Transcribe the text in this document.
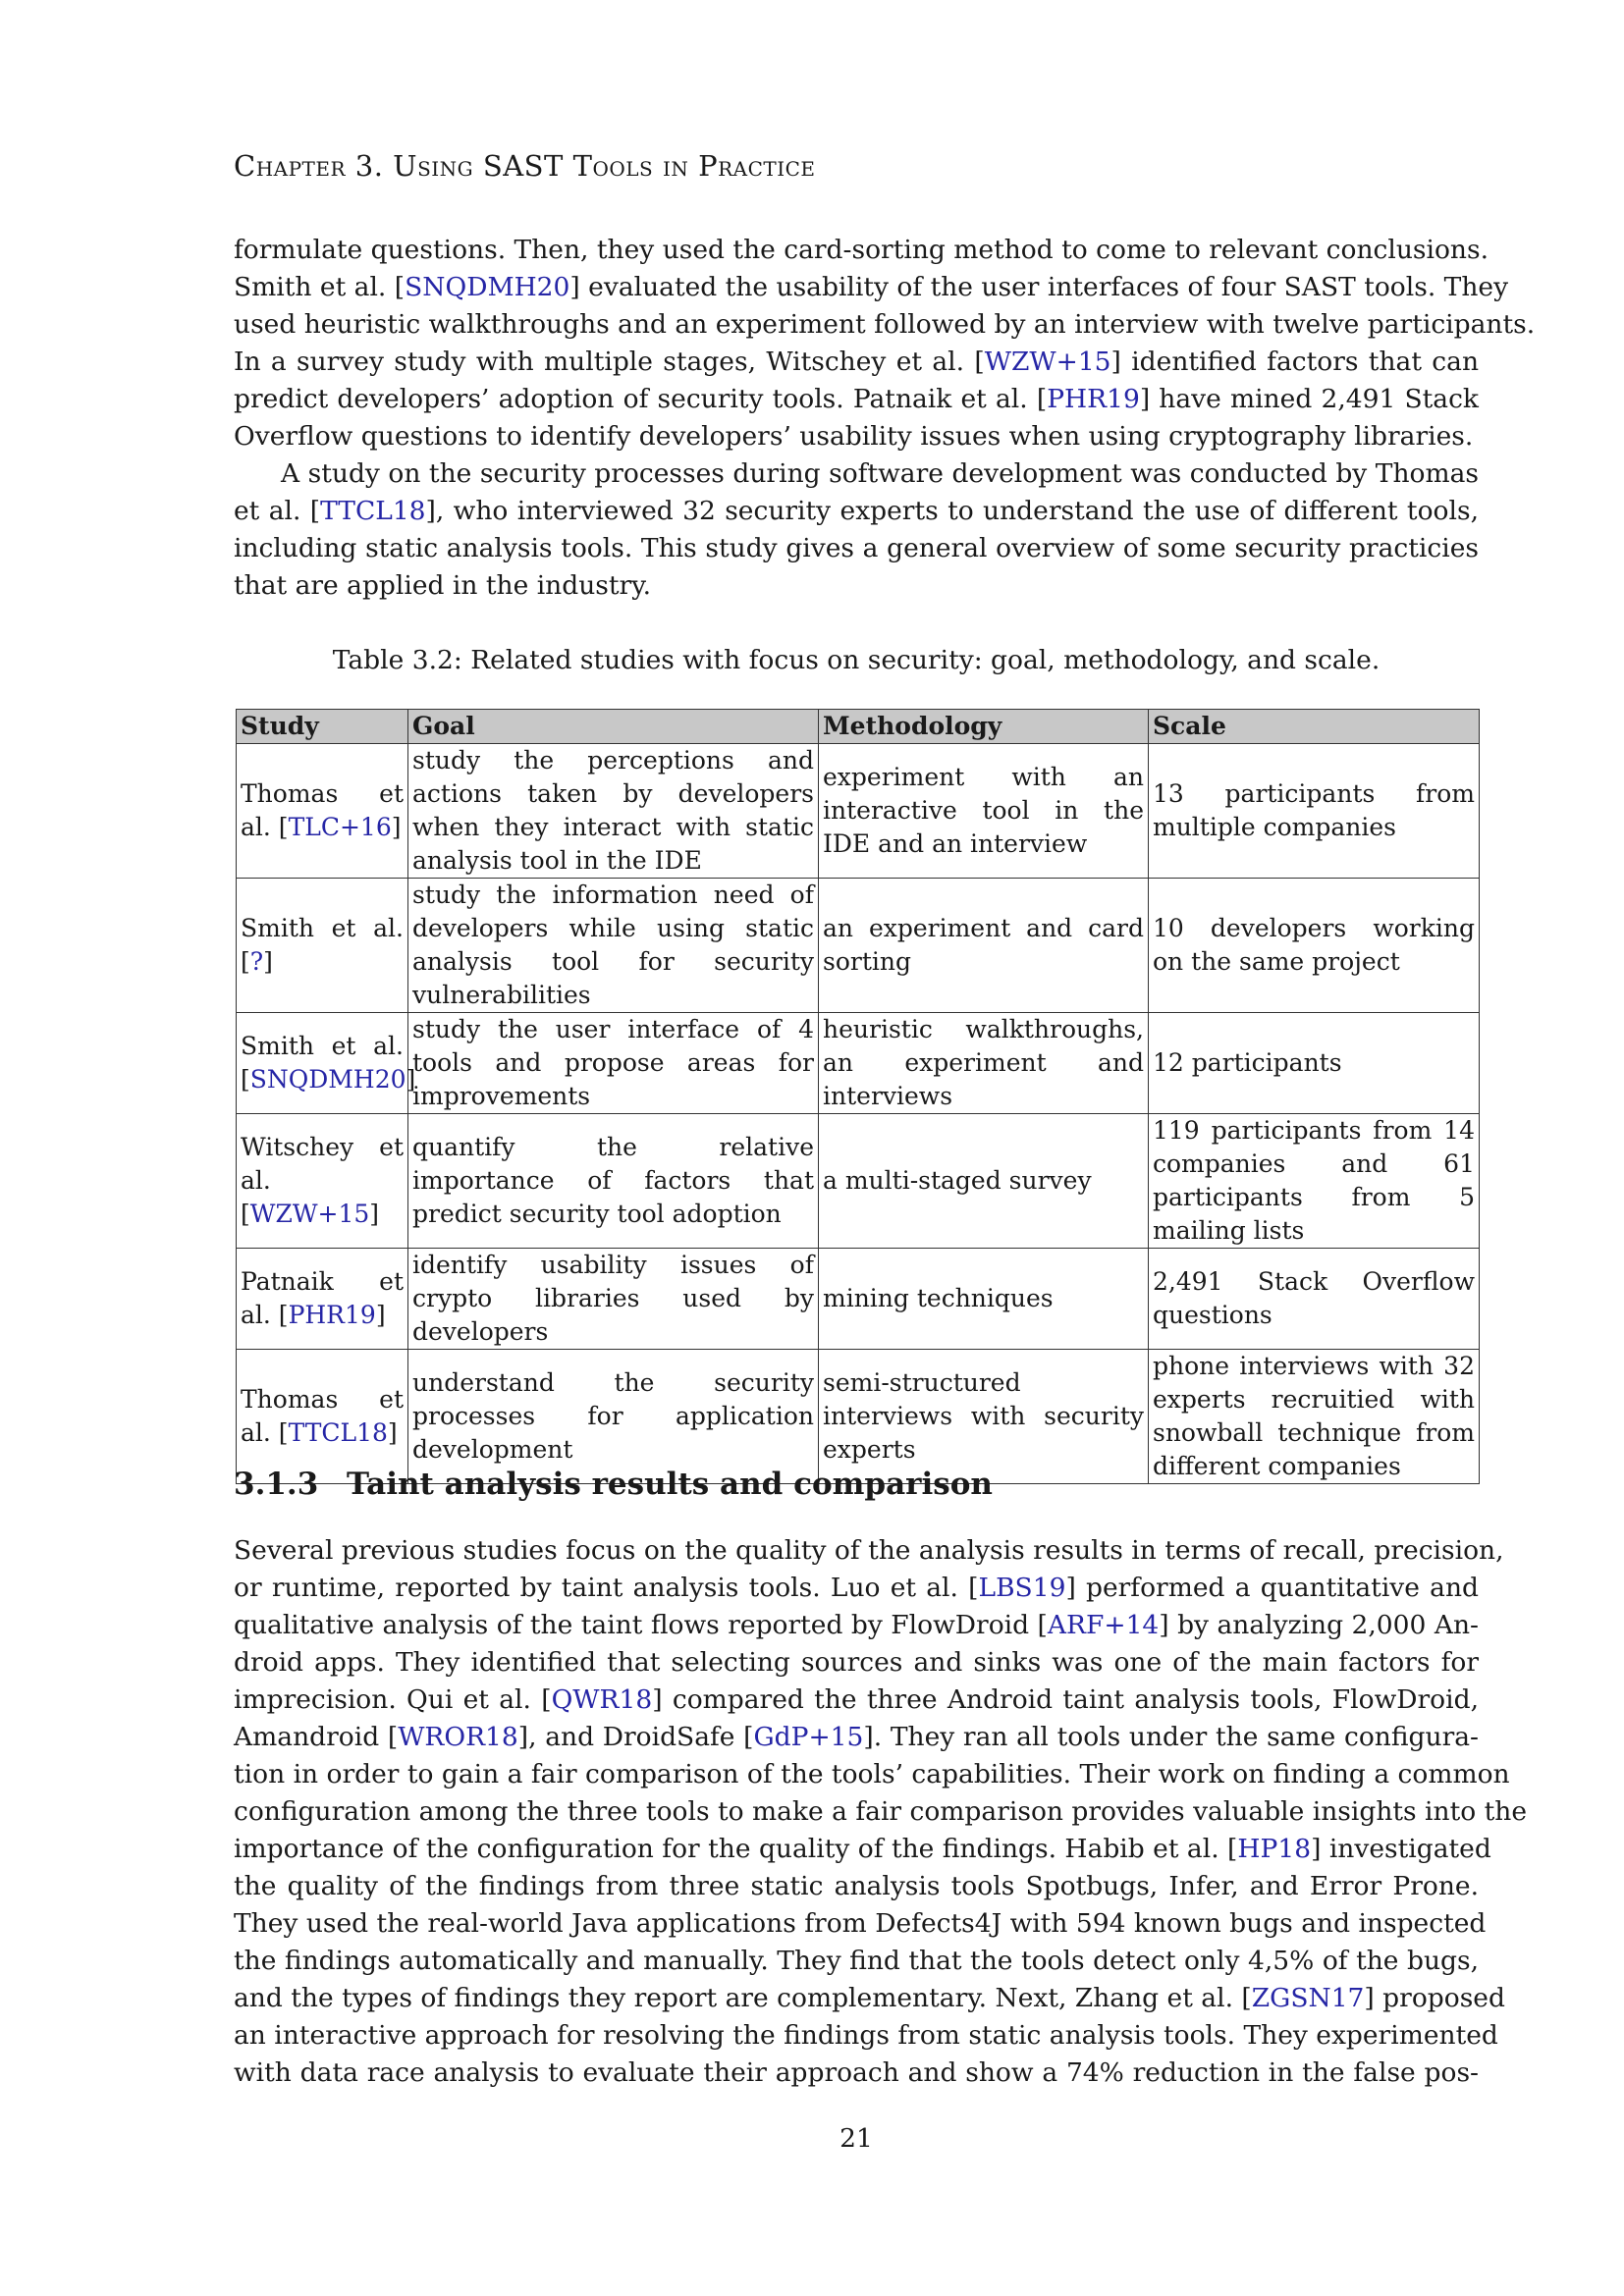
Chapter 3. Using SAST Tools in Practice
formulate questions. Then, they used the card-sorting method to come to relevant conclusions.
Smith et al. [SNQDMH20] evaluated the usability of the user interfaces of four SAST tools. They
used heuristic walkthroughs and an experiment followed by an interview with twelve participants.
In a survey study with multiple stages, Witschey et al. [WZW+15] identified factors that can
predict developers’ adoption of security tools. Patnaik et al. [PHR19] have mined 2,491 Stack
Overflow questions to identify developers’ usability issues when using cryptography libraries.
A study on the security processes during software development was conducted by Thomas
et al. [TTCL18], who interviewed 32 security experts to understand the use of different tools,
including static analysis tools. This study gives a general overview of some security practicies
that are applied in the industry.
Table 3.2: Related studies with focus on security: goal, methodology, and scale.
Study	Goal	Methodology	Scale
Thomas et al. [TLC+16]	study the perceptions and actions taken by developers when they interact with static analysis tool in the IDE	experiment with an interactive tool in the IDE and an interview	13 participants from multiple companies
Smith et al. [?]	study the information need of developers while using static analysis tool for security vulnerabilities	an experiment and card sorting	10 developers working on the same project
Smith et al. [SNQDMH20]	study the user interface of 4 tools and propose areas for improvements	heuristic walkthroughs, an experiment and interviews	12 participants
Witschey et al. [WZW+15]	quantify the relative importance of factors that predict security tool adoption	a multi-staged survey	119 participants from 14 companies and 61 participants from 5 mailing lists
Patnaik et al. [PHR19]	identify usability issues of crypto libraries used by developers	mining techniques	2,491 Stack Overflow questions
Thomas et al. [TTCL18]	understand the security processes for application development	semi-structured interviews with security experts	phone interviews with 32 experts recruitied with snowball technique from different companies
3.1.3 Taint analysis results and comparison
Several previous studies focus on the quality of the analysis results in terms of recall, precision,
or runtime, reported by taint analysis tools. Luo et al. [LBS19] performed a quantitative and
qualitative analysis of the taint flows reported by FlowDroid [ARF+14] by analyzing 2,000 An-
droid apps. They identified that selecting sources and sinks was one of the main factors for
imprecision. Qui et al. [QWR18] compared the three Android taint analysis tools, FlowDroid,
Amandroid [WROR18], and DroidSafe [GdP+15]. They ran all tools under the same configura-
tion in order to gain a fair comparison of the tools’ capabilities. Their work on finding a common
configuration among the three tools to make a fair comparison provides valuable insights into the
importance of the configuration for the quality of the findings. Habib et al. [HP18] investigated
the quality of the findings from three static analysis tools Spotbugs, Infer, and Error Prone.
They used the real-world Java applications from Defects4J with 594 known bugs and inspected
the findings automatically and manually. They find that the tools detect only 4,5% of the bugs,
and the types of findings they report are complementary. Next, Zhang et al. [ZGSN17] proposed
an interactive approach for resolving the findings from static analysis tools. They experimented
with data race analysis to evaluate their approach and show a 74% reduction in the false pos-
21
